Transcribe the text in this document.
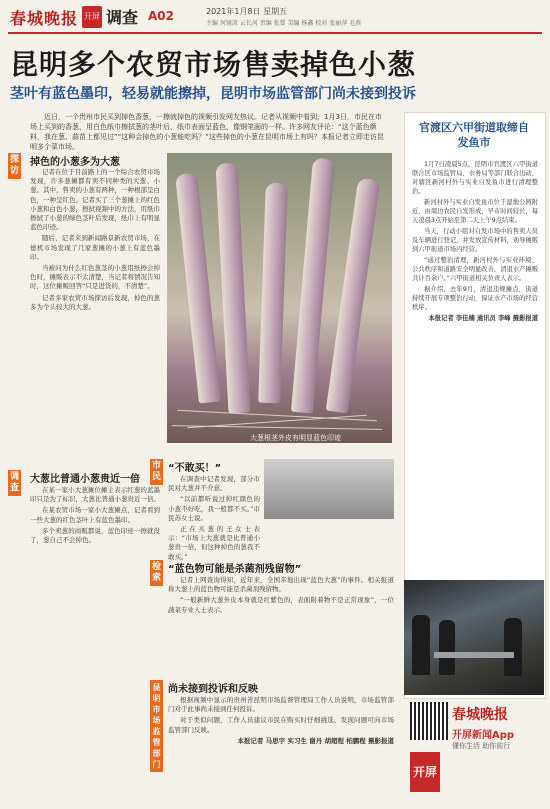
春城晚报 开屏 调查 A02	2021年1月8日 星期五
主编 何镜凉 云长河 责编 张曾 美编 杨鑫 校对 张丽萍 毛燕
昆明多个农贸市场售卖掉色小葱
茎叶有蓝色墨印，轻易就能擦掉，昆明市场监管部门尚未接到投诉
近日，一个贵州市民买到掉色香葱，一擦就掉色的视频引发网友热议。记者从视频中看到，1月3日，市民在市场上买到的香葱，用白色纸巾擦拭葱的茎叶后，纸巾表面呈蓝色，像钢笔画的一样。许多网友评论：“这个蓝色颜料，我在葱、蒜苗上都见过”“这种会掉色的小葱能吃吗？”这些掉色的小葱在昆明市场上有吗？本报记者立即走访昆明多个菜市场。
探访
调查
市民
检索
昆明市场监管部门
掉色的小葱多为大葱

记者在位于目前路上的一个综合农贸市场发现，许多葱摊都有卖不同种类的大葱、小葱。其中，售卖的小葱有两种，一种根部呈白色，一种呈红色。记者买了三个葱摊上的红色小葱和白色小葱，擦拭视频中的方法，用纸巾擦拭了小葱的绿色茎叶后发现，纸巾上有明显蓝色印迹。

随后，记者来到新闻路景新农贸市场，在德机市场发现了几家葱摊的小葱上有蓝色墨印。

当被问为什么红色葱茎的小葱用纸擦会掉色时，摊贩表示不太清楚，当记者将情况告知时，这位摊贩回答“只是进货的，不清楚”。

记者多家农贸市场探访后发现，掉色的葱多为个头较大的大葱。

大葱比普通小葱贵近一倍

在某一家小大葱摊位摊主表示红葱的蓝墨印只是为了标识，大葱比普通小葱贵近一倍。

在某农贸市场一家小大葱摊点，记者看到一些大葱的红色茎叶上有蓝色墨印。

多个卖葱的商贩都说，蓝色印迹一擦就没了，葱自己不会掉色。

大葱根茎外皮有明显蓝色印迹
“不敢买！”

在调查中记者发现，部分市民对大葱并不介意。

“以前都听说过掉红颜色的小葱不好吃，我一般都不买。”市民苏女士说。

正在买葱的王女士表示：“市场上大葱就是比普通小葱贵一倍，但这种掉色的葱我不敢买。”

“蓝色物可能是杀菌剂残留物”

记者上网查询得知，近年来，全国多地出现“蓝色大葱”的事件。相关报道称大葱上的蓝色物可能是杀菌剂残留物。

“一般新鲜大葱外皮本身就是红紫色的，表面附着物不是正常现象”，一位蔬菜专业人士表示。

尚未接到投诉和反映

根据视频中显示的贵州省昆明市场监督管理局工作人员说明，市场监管部门对于此事尚未接到任何投诉。

对于类似问题，工作人员建议市民在购买时仔细挑选，发现问题可向市场监管部门反映。

本报记者 马思宇 实习生 谢丹 胡超程 柏鹏程 摄影报道

官渡区六甲街道取缔自发鱼市

1月7日凌晨5点，昆明市官渡区六甲街道联合区市场监管局、水务局等部门联合出动，对辖区新河村外与实业自发鱼市进行清理整治。

新河村外与实业自发鱼市位于湿地公园附近，由周边农民自发形成，早市时间较长，每天凌晨3点开始至第二天上午9点结束。

当天，行动小组对自发市场中的售卖人员及车辆进行登记，并发放宣传材料，劝导摊贩到六甲街道市场内经营。

“通过整治清理，新河村外与实业环境、公共秩序和道路安全明显改善，清退水产摊贩共计百余户。”六甲街道相关负责人表示。

据介绍，去年9月，清退违规摊点，街道持续开展专项整治行动，保证水产市场的经营秩序。

本报记者 李佳楠 通讯员 李峰 摄影报道

春城晚报
开屏新闻App
懂你生活 助你前行
开屏
